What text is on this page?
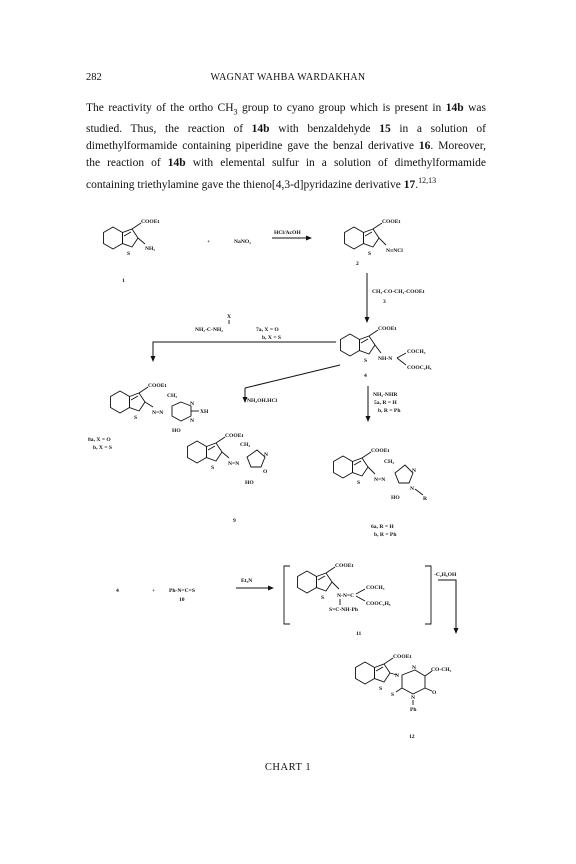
282	WAGNAT WAHBA WARDAKHAN

The reactivity of the ortho $CH_3$ group to cyano group which is present in 14b was studied. Thus, the reaction of 14b with benzaldehyde 15 in a solution of dimethylformamide containing piperidine gave the benzal derivative 16. Moreover, the reaction of 14b with elemental sulfur in a solution of dimethylformamide containing triethylamine gave the thieno[4,3-d]pyridazine derivative 17.$^{12,13}$

COOEt
NH₂
S
1
+	NaNO₂
HCl/AcOH
COOEt
N≡NCl
S
2
CH₃-CO-CH₂-COOEt
3
COOEt
NH-N
COCH₃
COOC₂H₅
S
4
X
NH₂-C-NH₂	7a, X = O
b, X = S
NH₂OH.HCl
NH₂-NHR
5a, R = H
b, R = Ph
COOEt
CH₃
N=N
N
N
XH
HO
S
8a, X = O
b, X = S
COOEt
CH₃
N=N
N
O
HO
S
9
COOEt
CH₃
N=N
N
N
R
HO
S
6a, R = H
b, R = Ph
4	+ Ph-N=C=S
10
Et₃N
COOEt
N-N=C
COCH₃
COOC₂H₅
S=C-NH-Ph
S
11
-C₂H₅OH
COOEt
N
N
N
CO-CH₃
O
S
Ph
S
12
CHART 1
